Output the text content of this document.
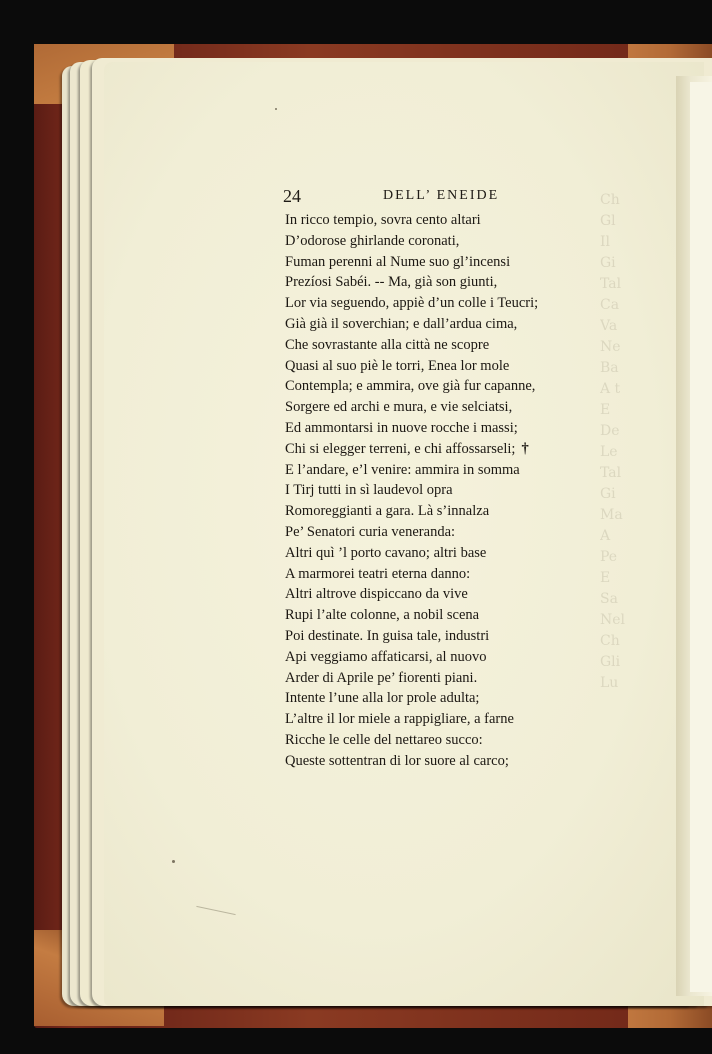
Ch
Gl
Il
Gi
Tal
Ca
Va
Ne
Ba
A t
E
De
Le
Tal
Gi
Ma
A
Pe
E
Sa
Nel
Ch
Gli
Lu
24	DELL’ ENEIDE
In ricco tempio, sovra cento altari
D’odorose ghirlande coronati,
Fuman perenni al Nume suo gl’incensi
Prezíosi Sabéi. -- Ma, già son giunti,
Lor via seguendo, appiè d’un colle i Teucri;
Già già il soverchian; e dall’ardua cima,
Che sovrastante alla città ne scopre
Quasi al suo piè le torri, Enea lor mole
Contempla; e ammira, ove già fur capanne,
Sorgere ed archi e mura, e vie selciatsi,
Ed ammontarsi in nuove rocche i massi;
Chi si elegger terreni, e chi affossarseli; †
E l’andare, e’l venire: ammira in somma
I Tirj tutti in sì laudevol opra
Romoreggianti a gara. Là s’innalza
Pe’ Senatori curia veneranda:
Altri quì ’l porto cavano; altri base
A marmorei teatri eterna danno:
Altri altrove dispiccano da vive
Rupi l’alte colonne, a nobil scena
Poi destinate. In guisa tale, industri
Api veggiamo affaticarsi, al nuovo
Arder di Aprile pe’ fiorenti piani.
Intente l’une alla lor prole adulta;
L’altre il lor miele a rappigliare, a farne
Ricche le celle del nettareo succo:
Queste sottentran di lor suore al carco;
